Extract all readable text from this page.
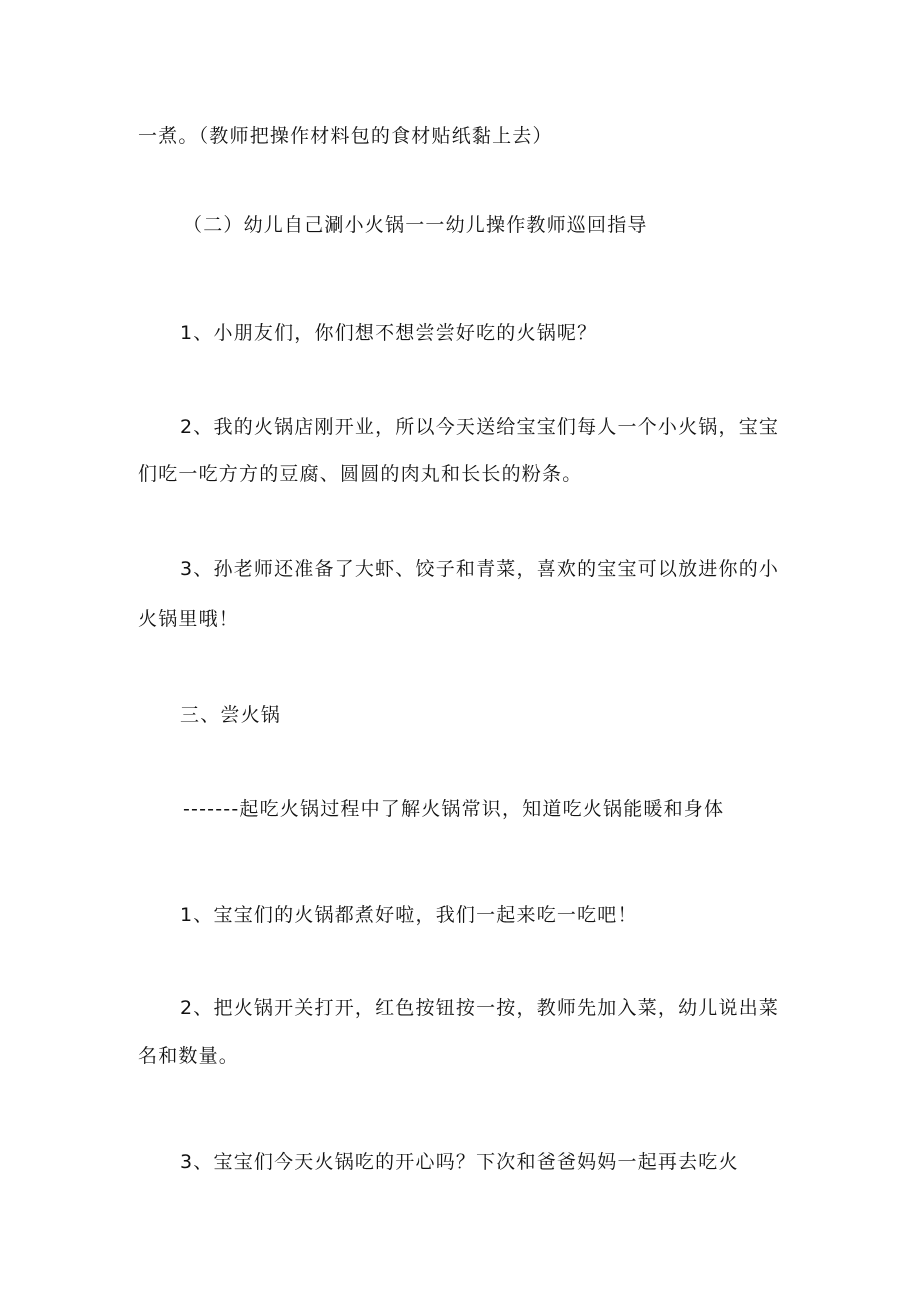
一煮。（教师把操作材料包的食材贴纸黏上去）
（二）幼儿自己涮小火锅一一幼儿操作教师巡回指导
1、小朋友们，你们想不想尝尝好吃的火锅呢？
2、我的火锅店刚开业，所以今天送给宝宝们每人一个小火锅，宝宝
们吃一吃方方的豆腐、圆圆的肉丸和长长的粉条。
3、孙老师还准备了大虾、饺子和青菜，喜欢的宝宝可以放进你的小
火锅里哦！
三、尝火锅
-------起吃火锅过程中了解火锅常识，知道吃火锅能暖和身体
1、宝宝们的火锅都煮好啦，我们一起来吃一吃吧！
2、把火锅开关打开，红色按钮按一按，教师先加入菜，幼儿说出菜
名和数量。
3、宝宝们今天火锅吃的开心吗？下次和爸爸妈妈一起再去吃火
